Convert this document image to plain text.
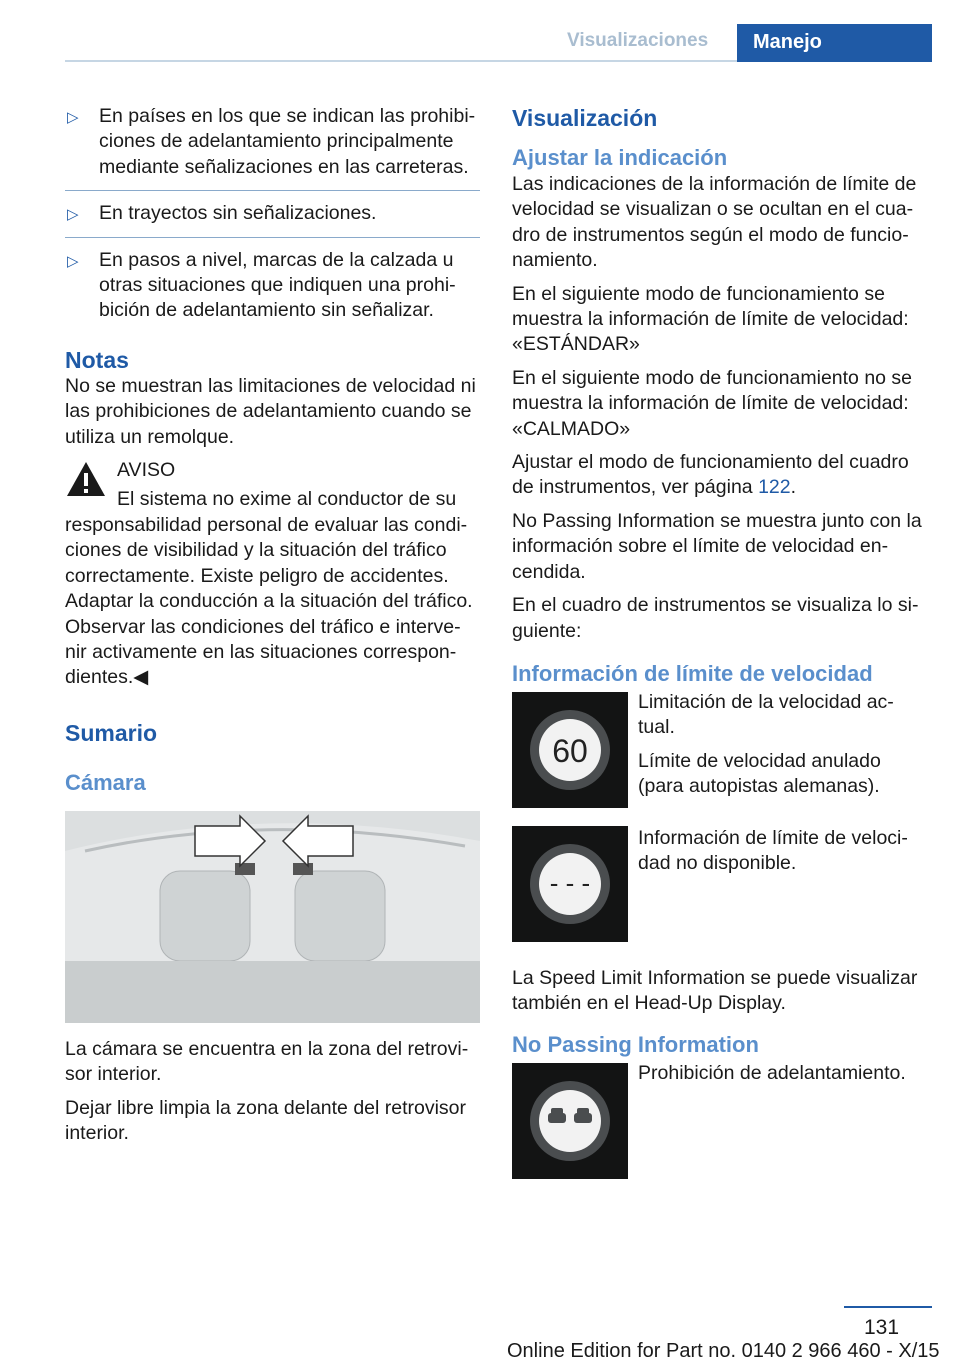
Visualizaciones	Manejo
▷ En países en los que se indican las prohibi-ciones de adelantamiento principalmente mediante señalizaciones en las carreteras.
▷ En trayectos sin señalizaciones.
▷ En pasos a nivel, marcas de la calzada u otras situaciones que indiquen una prohi-bición de adelantamiento sin señalizar.
Notas

No se muestran las limitaciones de velocidad ni las prohibiciones de adelantamiento cuando se utiliza un remolque.

AVISO

El sistema no exime al conductor de su responsabilidad personal de evaluar las condi-ciones de visibilidad y la situación del tráfico correctamente. Existe peligro de accidentes. Adaptar la conducción a la situación del tráfico. Observar las condiciones del tráfico e interve-nir activamente en las situaciones correspon-dientes.◀

Sumario
Cámara

La cámara se encuentra en la zona del retrovi-sor interior.

Dejar libre limpia la zona delante del retrovisor interior.

Visualización
Ajustar la indicación

Las indicaciones de la información de límite de velocidad se visualizan o se ocultan en el cua-dro de instrumentos según el modo de funcio-namiento.

En el siguiente modo de funcionamiento se muestra la información de límite de velocidad: «ESTÁNDAR»

En el siguiente modo de funcionamiento no se muestra la información de límite de velocidad: «CALMADO»

Ajustar el modo de funcionamiento del cuadro de instrumentos, ver página 122.

No Passing Information se muestra junto con la información sobre el límite de velocidad en-cendida.

En el cuadro de instrumentos se visualiza lo si-guiente:

Información de límite de velocidad
60

Limitación de la velocidad ac-tual.

Límite de velocidad anulado (para autopistas alemanas).

- - -

Información de límite de veloci-dad no disponible.

La Speed Limit Information se puede visualizar también en el Head-Up Display.

No Passing Information

Prohibición de adelantamiento.

131
Online Edition for Part no. 0140 2 966 460 - X/15
